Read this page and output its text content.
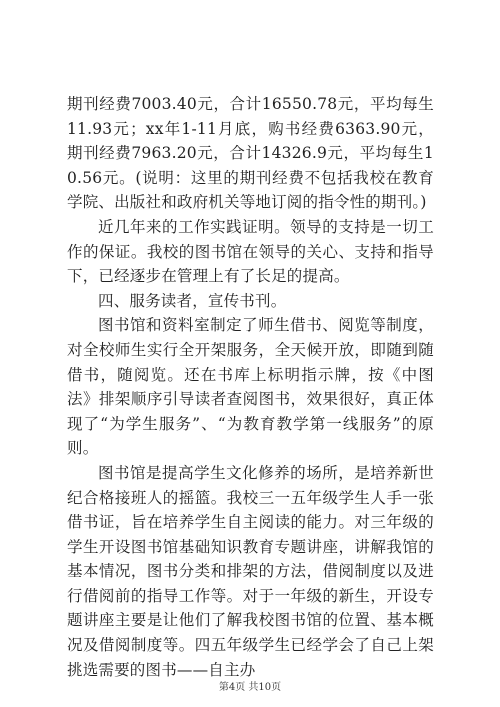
期刊经费7003.40元，合计16550.78元，平均每生11.93元；xx年1-11月底，购书经费6363.90元，期刊经费7963.20元，合计14326.9元，平均每生10.56元。(说明：这里的期刊经费不包括我校在教育学院、出版社和政府机关等地订阅的指令性的期刊。)

近几年来的工作实践证明。领导的支持是一切工作的保证。我校的图书馆在领导的关心、支持和指导下，已经逐步在管理上有了长足的提高。

四、服务读者，宣传书刊。

图书馆和资料室制定了师生借书、阅览等制度，对全校师生实行全开架服务，全天候开放，即随到随借书，随阅览。还在书库上标明指示牌，按《中图法》排架顺序引导读者查阅图书，效果很好，真正体现了“为学生服务”、“为教育教学第一线服务”的原则。

图书馆是提高学生文化修养的场所，是培养新世纪合格接班人的摇篮。我校三一五年级学生人手一张借书证，旨在培养学生自主阅读的能力。对三年级的学生开设图书馆基础知识教育专题讲座，讲解我馆的基本情况，图书分类和排架的方法，借阅制度以及进行借阅前的指导工作等。对于一年级的新生，开设专题讲座主要是让他们了解我校图书馆的位置、基本概况及借阅制度等。四五年级学生已经学会了自己上架挑选需要的图书——自主办

第4页 共10页
